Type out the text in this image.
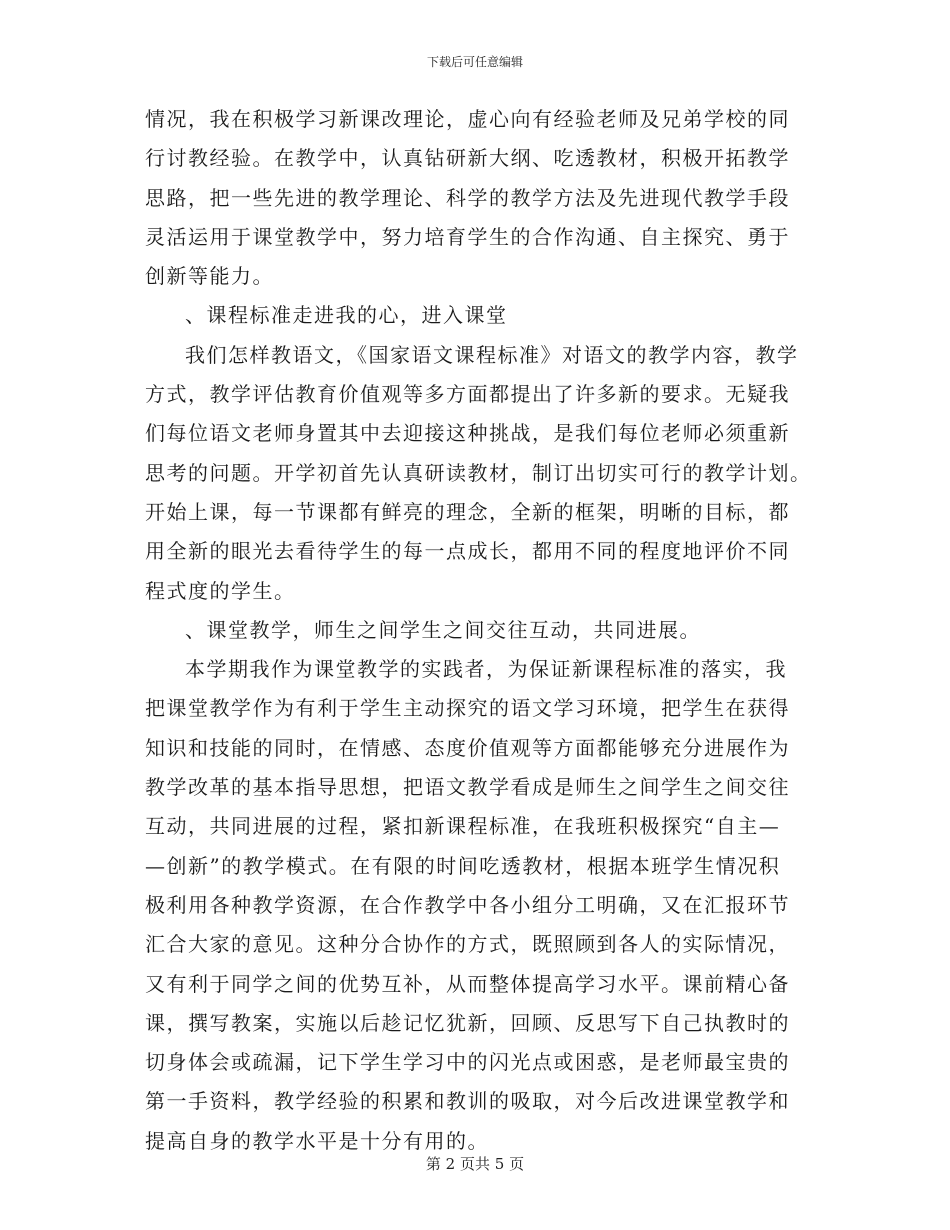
下载后可任意编辑
情况，我在积极学习新课改理论，虚心向有经验老师及兄弟学校的同
行讨教经验。在教学中，认真钻研新大纲、吃透教材，积极开拓教学
思路，把一些先进的教学理论、科学的教学方法及先进现代教学手段
灵活运用于课堂教学中，努力培育学生的合作沟通、自主探究、勇于
创新等能力。
、课程标准走进我的心，进入课堂
我们怎样教语文，《国家语文课程标准》对语文的教学内容，教学
方式，教学评估教育价值观等多方面都提出了许多新的要求。无疑我
们每位语文老师身置其中去迎接这种挑战，是我们每位老师必须重新
思考的问题。开学初首先认真研读教材，制订出切实可行的教学计划。
开始上课，每一节课都有鲜亮的理念，全新的框架，明晰的目标，都
用全新的眼光去看待学生的每一点成长，都用不同的程度地评价不同
程式度的学生。
、课堂教学，师生之间学生之间交往互动，共同进展。
本学期我作为课堂教学的实践者，为保证新课程标准的落实，我
把课堂教学作为有利于学生主动探究的语文学习环境，把学生在获得
知识和技能的同时，在情感、态度价值观等方面都能够充分进展作为
教学改革的基本指导思想，把语文教学看成是师生之间学生之间交往
互动，共同进展的过程，紧扣新课程标准，在我班积极探究“自主—
—创新”的教学模式。在有限的时间吃透教材，根据本班学生情况积
极利用各种教学资源，在合作教学中各小组分工明确，又在汇报环节
汇合大家的意见。这种分合协作的方式，既照顾到各人的实际情况，
又有利于同学之间的优势互补，从而整体提高学习水平。课前精心备
课，撰写教案，实施以后趁记忆犹新，回顾、反思写下自己执教时的
切身体会或疏漏，记下学生学习中的闪光点或困惑，是老师最宝贵的
第一手资料，教学经验的积累和教训的吸取，对今后改进课堂教学和
提高自身的教学水平是十分有用的。
第 2 页共 5 页
